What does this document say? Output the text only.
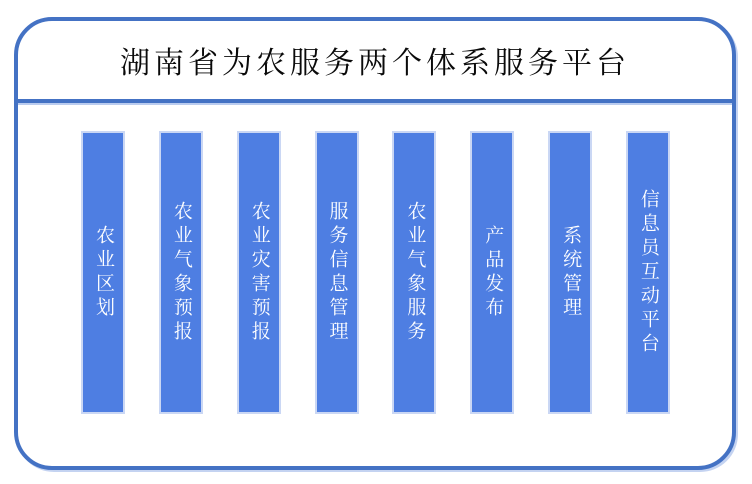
湖南省为农服务两个体系服务平台
农业区划	农业气象预报	农业灾害预报	服务信息管理	农业气象服务	产品发布	系统管理	信息员互动平台
